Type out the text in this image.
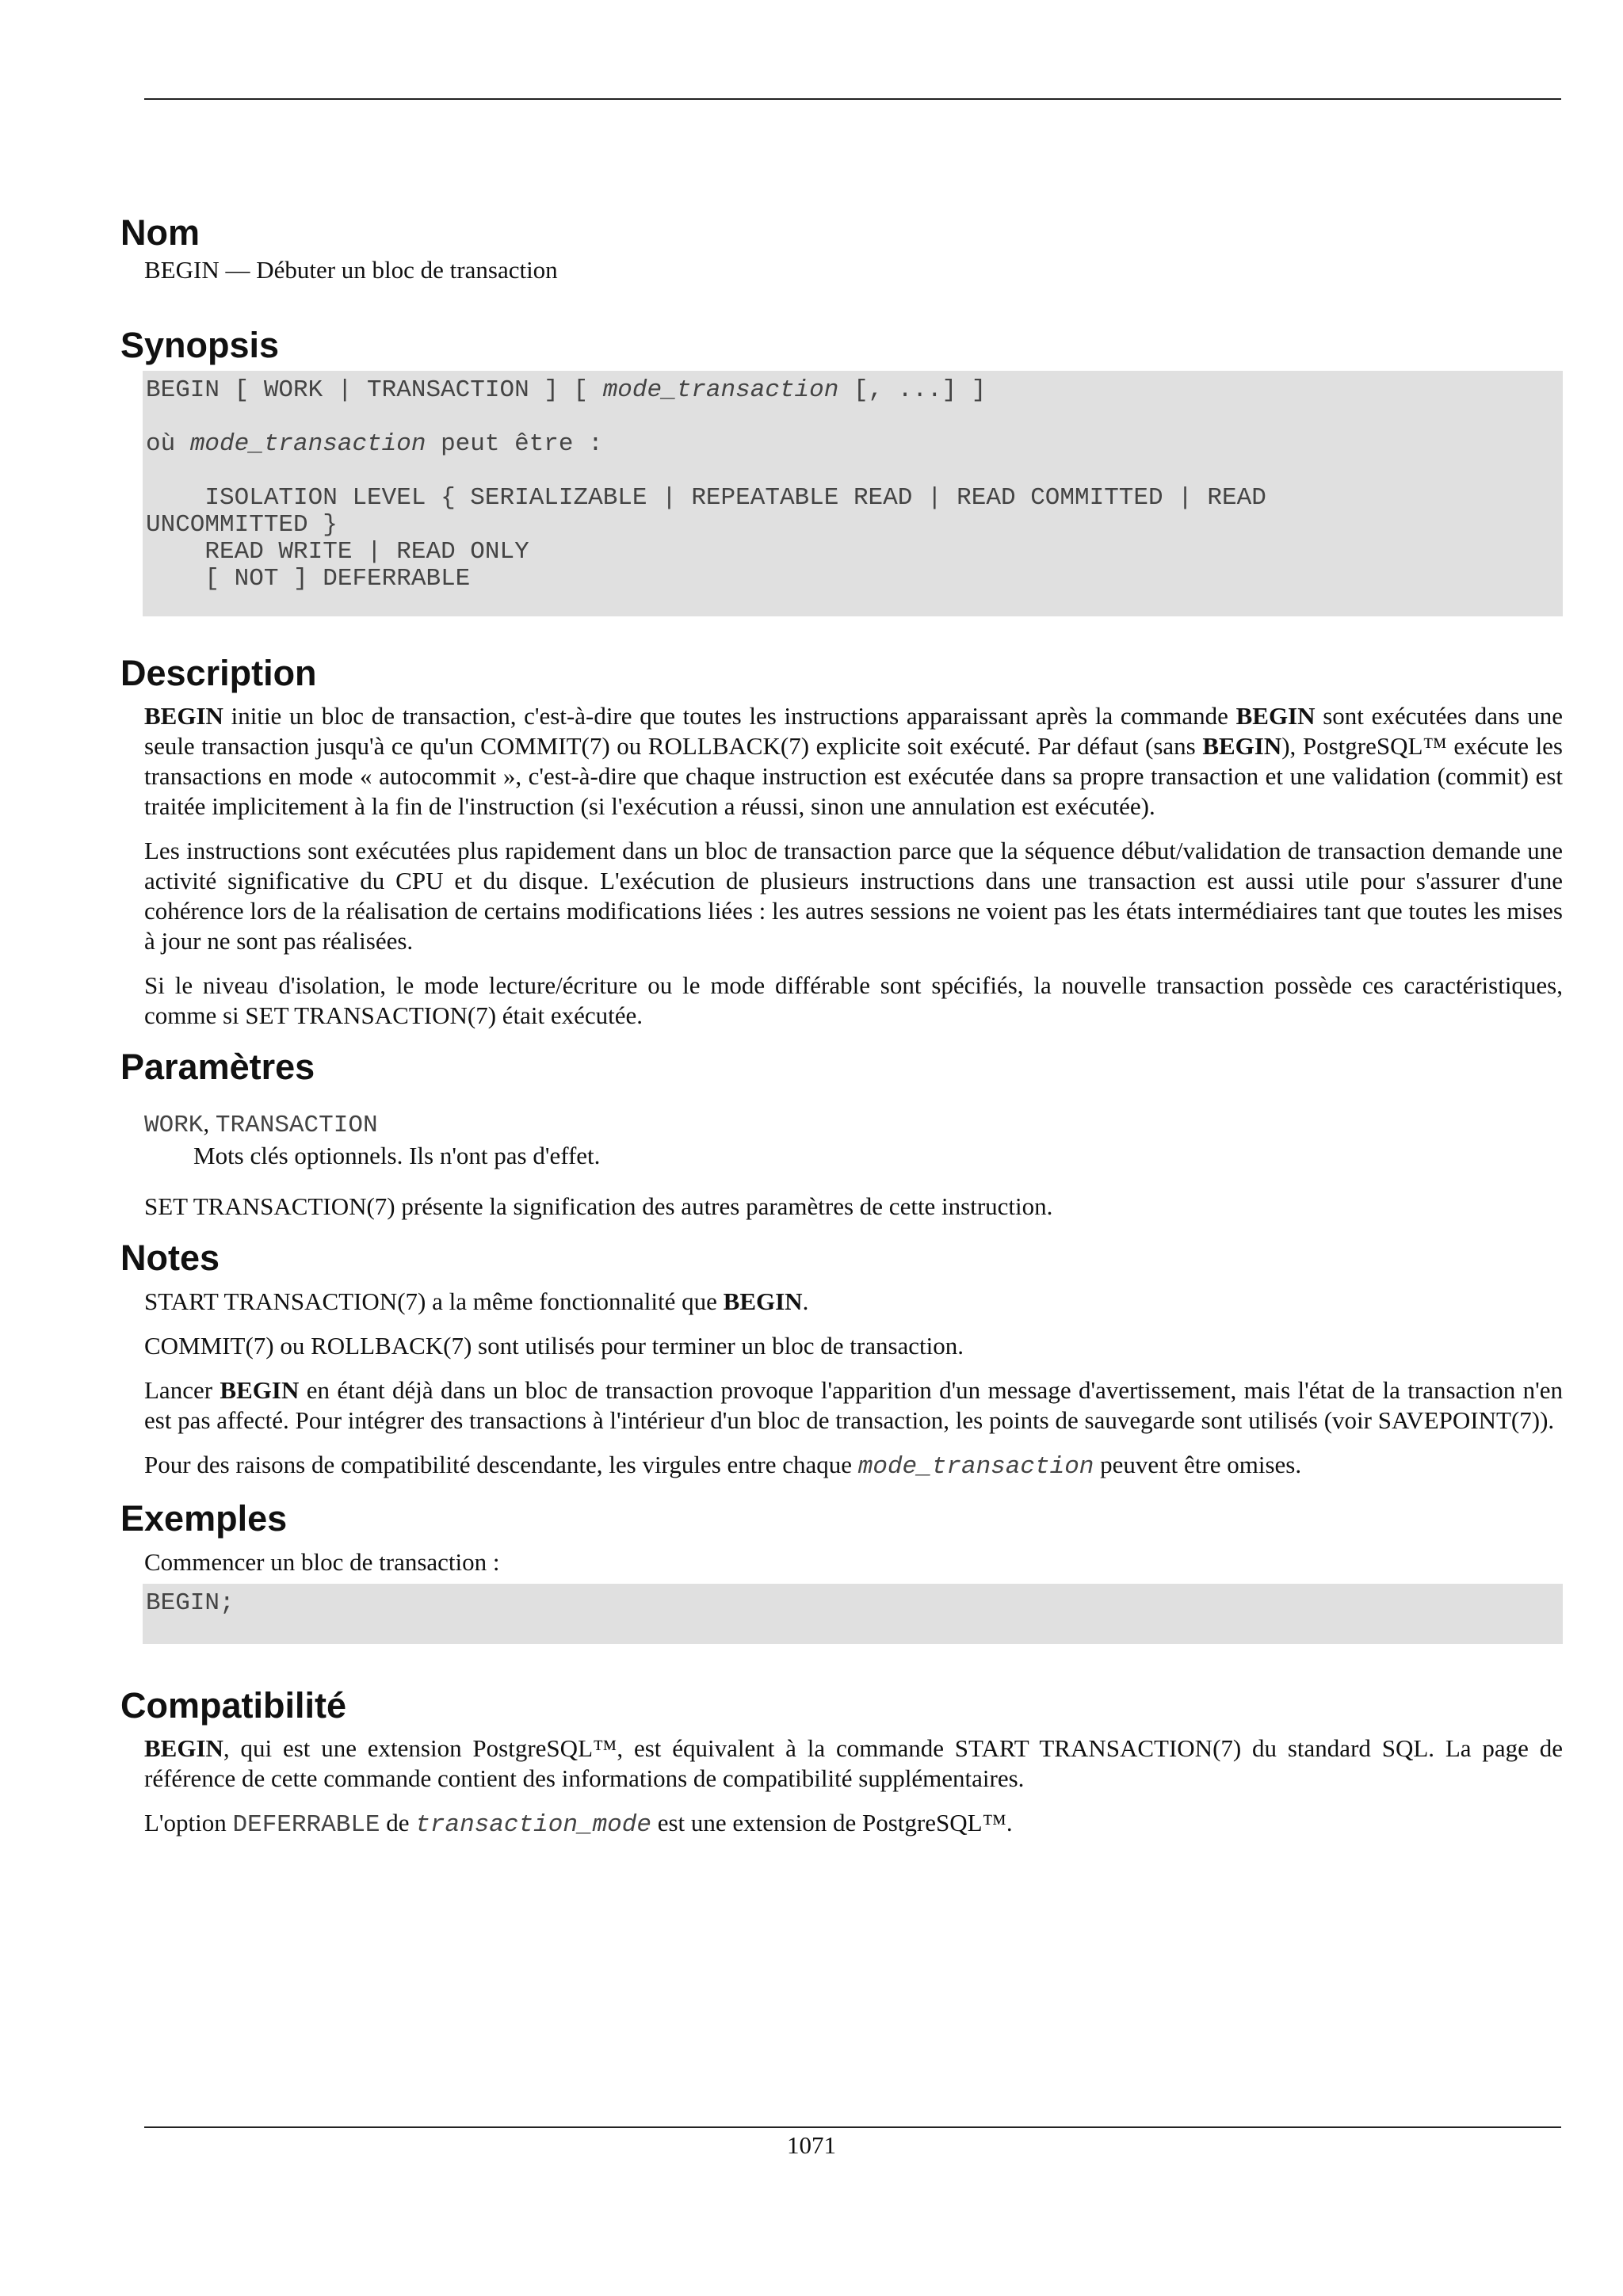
Nom

BEGIN — Débuter un bloc de transaction

Synopsis
BEGIN [ WORK | TRANSACTION ] [ mode_transaction [, ...] ]

où mode_transaction peut être :

ISOLATION LEVEL { SERIALIZABLE | REPEATABLE READ | READ COMMITTED | READ
UNCOMMITTED }
READ WRITE | READ ONLY
[ NOT ] DEFERRABLE
Description

BEGIN initie un bloc de transaction, c'est-à-dire que toutes les instructions apparaissant après la commande BEGIN sont exécutées dans une seule transaction jusqu'à ce qu'un COMMIT(7) ou ROLLBACK(7) explicite soit exécuté. Par défaut (sans BEGIN), PostgreSQL™ exécute les transactions en mode « autocommit », c'est-à-dire que chaque instruction est exécutée dans sa propre transaction et une validation (commit) est traitée implicitement à la fin de l'instruction (si l'exécution a réussi, sinon une annulation est exécutée).

Les instructions sont exécutées plus rapidement dans un bloc de transaction parce que la séquence début/validation de transaction demande une activité significative du CPU et du disque. L'exécution de plusieurs instructions dans une transaction est aussi utile pour s'assurer d'une cohérence lors de la réalisation de certains modifications liées : les autres sessions ne voient pas les états intermédiaires tant que toutes les mises à jour ne sont pas réalisées.

Si le niveau d'isolation, le mode lecture/écriture ou le mode différable sont spécifiés, la nouvelle transaction possède ces caractéristiques, comme si SET TRANSACTION(7) était exécutée.

Paramètres
WORK, TRANSACTION
Mots clés optionnels. Ils n'ont pas d'effet.

SET TRANSACTION(7) présente la signification des autres paramètres de cette instruction.

Notes

START TRANSACTION(7) a la même fonctionnalité que BEGIN.

COMMIT(7) ou ROLLBACK(7) sont utilisés pour terminer un bloc de transaction.

Lancer BEGIN en étant déjà dans un bloc de transaction provoque l'apparition d'un message d'avertissement, mais l'état de la transaction n'en est pas affecté. Pour intégrer des transactions à l'intérieur d'un bloc de transaction, les points de sauvegarde sont utilisés (voir SAVEPOINT(7)).

Pour des raisons de compatibilité descendante, les virgules entre chaque mode_transaction peuvent être omises.

Exemples

Commencer un bloc de transaction :

BEGIN;
Compatibilité

BEGIN, qui est une extension PostgreSQL™, est équivalent à la commande START TRANSACTION(7) du standard SQL. La page de référence de cette commande contient des informations de compatibilité supplémentaires.

L'option DEFERRABLE de transaction_mode est une extension de PostgreSQL™.

1071
